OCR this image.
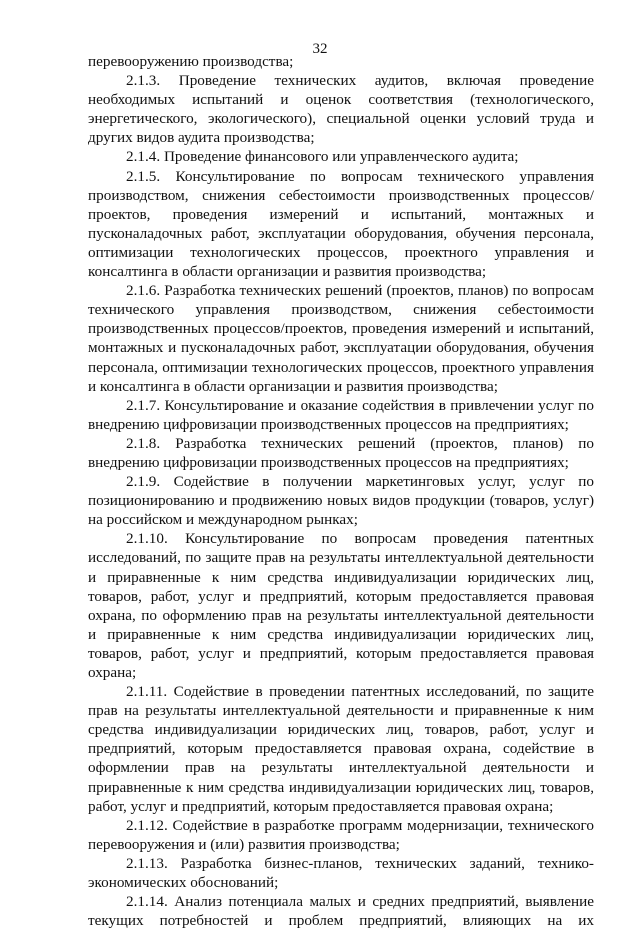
32

перевооружению производства;

2.1.3. Проведение технических аудитов, включая проведение необходимых испытаний и оценок соответствия (технологического, энергетического, экологического), специальной оценки условий труда и других видов аудита производства;

2.1.4. Проведение финансового или управленческого аудита;

2.1.5. Консультирование по вопросам технического управления производством, снижения себестоимости производственных процессов/проектов, проведения измерений и испытаний, монтажных и пусконаладочных работ, эксплуатации оборудования, обучения персонала, оптимизации технологических процессов, проектного управления и консалтинга в области организации и развития производства;

2.1.6. Разработка технических решений (проектов, планов) по вопросам технического управления производством, снижения себестоимости производственных процессов/проектов, проведения измерений и испытаний, монтажных и пусконаладочных работ, эксплуатации оборудования, обучения персонала, оптимизации технологических процессов, проектного управления и консалтинга в области организации и развития производства;

2.1.7. Консультирование и оказание содействия в привлечении услуг по внедрению цифровизации производственных процессов на предприятиях;

2.1.8. Разработка технических решений (проектов, планов) по внедрению цифровизации производственных процессов на предприятиях;

2.1.9. Содействие в получении маркетинговых услуг, услуг по позиционированию и продвижению новых видов продукции (товаров, услуг) на российском и международном рынках;

2.1.10. Консультирование по вопросам проведения патентных исследований, по защите прав на результаты интеллектуальной деятельности и приравненные к ним средства индивидуализации юридических лиц, товаров, работ, услуг и предприятий, которым предоставляется правовая охрана, по оформлению прав на результаты интеллектуальной деятельности и приравненные к ним средства индивидуализации юридических лиц, товаров, работ, услуг и предприятий, которым предоставляется правовая охрана;

2.1.11. Содействие в проведении патентных исследований, по защите прав на результаты интеллектуальной деятельности и приравненные к ним средства индивидуализации юридических лиц, товаров, работ, услуг и предприятий, которым предоставляется правовая охрана, содействие в оформлении прав на результаты интеллектуальной деятельности и приравненные к ним средства индивидуализации юридических лиц, товаров, работ, услуг и предприятий, которым предоставляется правовая охрана;

2.1.12. Содействие в разработке программ модернизации, технического перевооружения и (или) развития производства;

2.1.13. Разработка бизнес-планов, технических заданий, технико-экономических обоснований;

2.1.14. Анализ потенциала малых и средних предприятий, выявление текущих потребностей и проблем предприятий, влияющих на их
